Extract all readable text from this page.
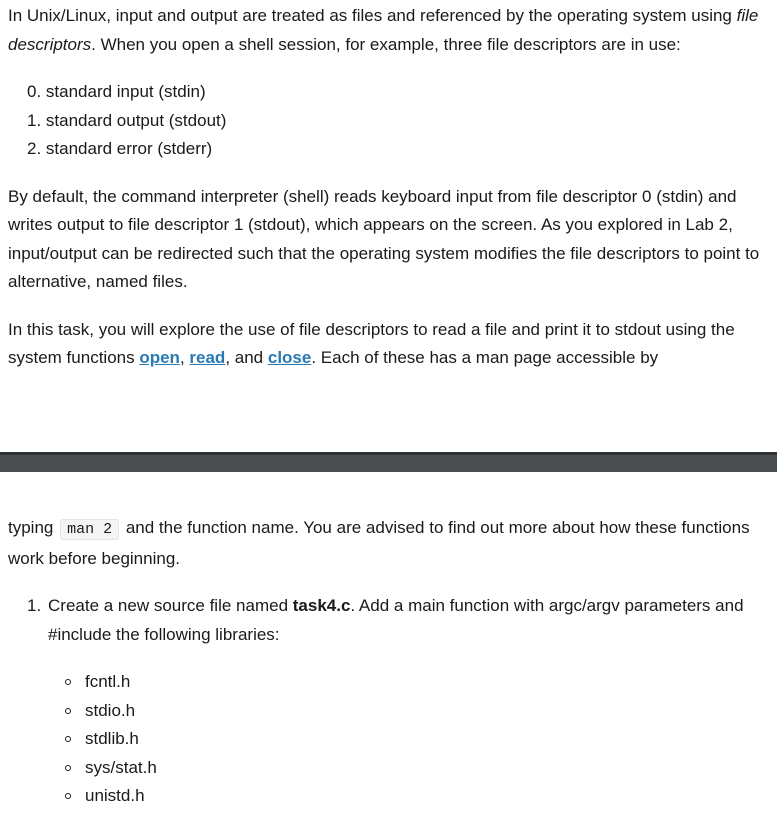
In Unix/Linux, input and output are treated as files and referenced by the operating system using file descriptors. When you open a shell session, for example, three file descriptors are in use:

0. standard input (stdin)
1. standard output (stdout)
2. standard error (stderr)

By default, the command interpreter (shell) reads keyboard input from file descriptor 0 (stdin) and writes output to file descriptor 1 (stdout), which appears on the screen. As you explored in Lab 2, input/output can be redirected such that the operating system modifies the file descriptors to point to alternative, named files.

In this task, you will explore the use of file descriptors to read a file and print it to stdout using the system functions open, read, and close. Each of these has a man page accessible by

typing man 2 and the function name. You are advised to find out more about how these functions work before beginning.

1. Create a new source file named task4.c. Add a main function with argc/argv parameters and #include the following libraries:
fcntl.h
stdio.h
stdlib.h
sys/stat.h
unistd.h
